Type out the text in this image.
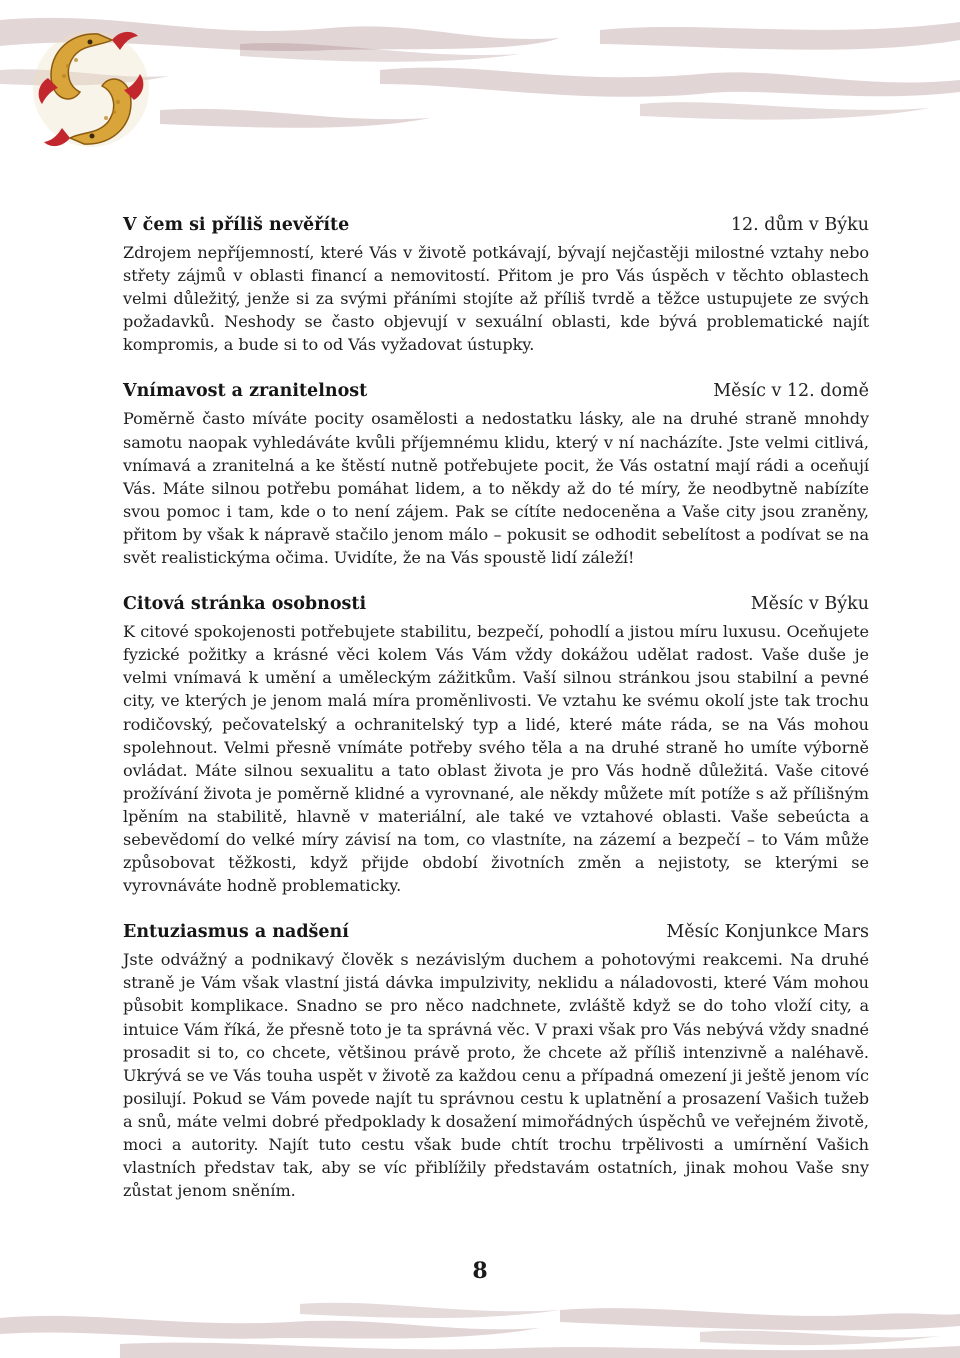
V čem si příliš nevěříte	12. dům v Býku

Zdrojem nepříjemností, které Vás v životě potkávají, bývají nejčastěji milostné vztahy nebo střety zájmů v oblasti financí a nemovitostí. Přitom je pro Vás úspěch v těchto oblastech velmi důležitý, jenže si za svými přáními stojíte až příliš tvrdě a těžce ustupujete ze svých požadavků. Neshody se často objevují v sexuální oblasti, kde bývá problematické najít kompromis, a bude si to od Vás vyžadovat ústupky.

Vnímavost a zranitelnost	Měsíc v 12. domě

Poměrně často míváte pocity osamělosti a nedostatku lásky, ale na druhé straně mnohdy samotu naopak vyhledáváte kvůli příjemnému klidu, který v ní nacházíte. Jste velmi citlivá, vnímavá a zranitelná a ke štěstí nutně potřebujete pocit, že Vás ostatní mají rádi a oceňují Vás. Máte silnou potřebu pomáhat lidem, a to někdy až do té míry, že neodbytně nabízíte svou pomoc i tam, kde o to není zájem. Pak se cítíte nedoceněna a Vaše city jsou zraněny, přitom by však k nápravě stačilo jenom málo – pokusit se odhodit sebelítost a podívat se na svět realistickýma očima. Uvidíte, že na Vás spoustě lidí záleží!

Citová stránka osobnosti	Měsíc v Býku

K citové spokojenosti potřebujete stabilitu, bezpečí, pohodlí a jistou míru luxusu. Oceňujete fyzické požitky a krásné věci kolem Vás Vám vždy dokážou udělat radost. Vaše duše je velmi vnímavá k umění a uměleckým zážitkům. Vaší silnou stránkou jsou stabilní a pevné city, ve kterých je jenom malá míra proměnlivosti. Ve vztahu ke svému okolí jste tak trochu rodičovský, pečovatelský a ochranitelský typ a lidé, které máte ráda, se na Vás mohou spolehnout. Velmi přesně vnímáte potřeby svého těla a na druhé straně ho umíte výborně ovládat. Máte silnou sexualitu a tato oblast života je pro Vás hodně důležitá. Vaše citové prožívání života je poměrně klidné a vyrovnané, ale někdy můžete mít potíže s až přílišným lpěním na stabilitě, hlavně v materiální, ale také ve vztahové oblasti. Vaše sebeúcta a sebevědomí do velké míry závisí na tom, co vlastníte, na zázemí a bezpečí – to Vám může způsobovat těžkosti, když přijde období životních změn a nejistoty, se kterými se vyrovnáváte hodně problematicky.

Entuziasmus a nadšení	Měsíc Konjunkce Mars

Jste odvážný a podnikavý člověk s nezávislým duchem a pohotovými reakcemi. Na druhé straně je Vám však vlastní jistá dávka impulzivity, neklidu a náladovosti, které Vám mohou působit komplikace. Snadno se pro něco nadchnete, zvláště když se do toho vloží city, a intuice Vám říká, že přesně toto je ta správná věc. V praxi však pro Vás nebývá vždy snadné prosadit si to, co chcete, většinou právě proto, že chcete až příliš intenzivně a naléhavě. Ukrývá se ve Vás touha uspět v životě za každou cenu a případná omezení ji ještě jenom víc posilují. Pokud se Vám povede najít tu správnou cestu k uplatnění a prosazení Vašich tužeb a snů, máte velmi dobré předpoklady k dosažení mimořádných úspěchů ve veřejném životě, moci a autority. Najít tuto cestu však bude chtít trochu trpělivosti a umírnění Vašich vlastních představ tak, aby se víc přiblížily představám ostatních, jinak mohou Vaše sny zůstat jenom sněním.

8
